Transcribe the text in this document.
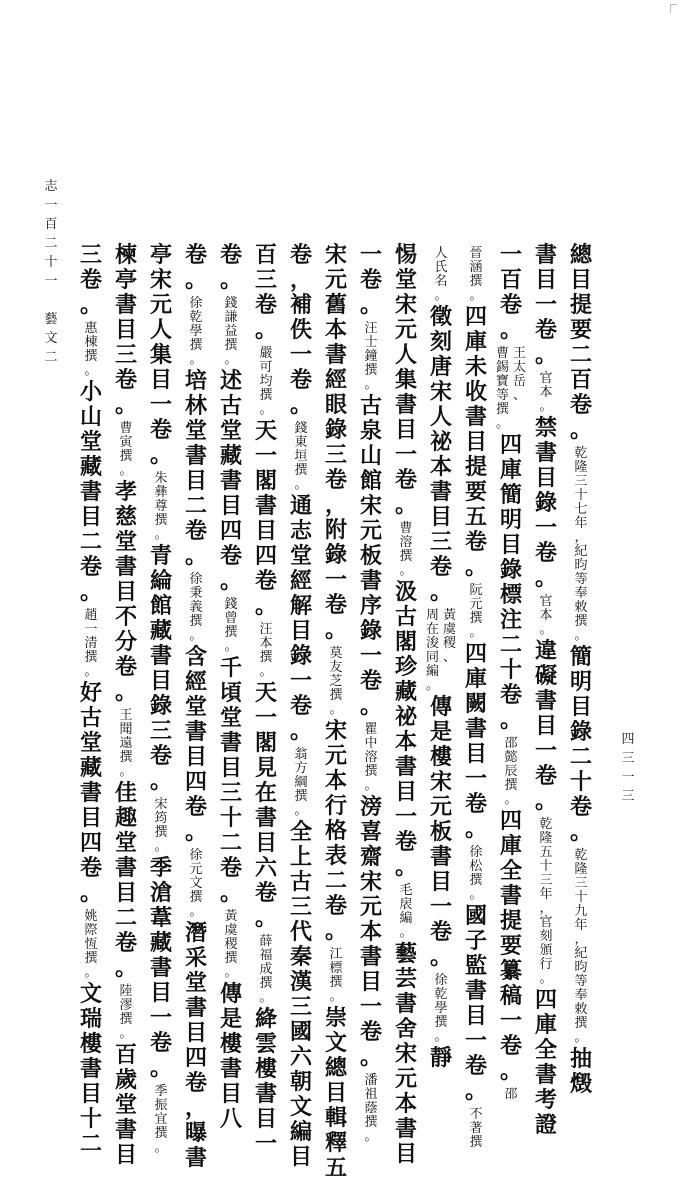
總
目
提
要
二
百
卷
。
乾
隆
三
十
七
年
，
紀
昀
等
奉
敕
撰
。
簡
明
目
錄
二
十
卷
。
乾
隆
三
十
九
年
，
紀
昀
等
奉
敕
撰
。
抽
燬
書
目
一
卷
。
官
本
。
禁
書
目
錄
一
卷
。
官
本
。
違
礙
書
目
一
卷
。
乾
隆
五
十
三
年
，
官
刻
頒
行
。
四
庫
全
書
考
證
一
百
卷
。
曹
錫
寶
等
撰
。
王
太
岳
、
四
庫
簡
明
目
錄
標
注
二
十
卷
。
邵
懿
辰
撰
。
四
庫
全
書
提
要
纂
稿
一
卷
。
邵
晉
涵
撰
。
四
庫
未
收
書
目
提
要
五
卷
。
阮
元
撰
。
四
庫
闕
書
目
一
卷
。
徐
松
撰
。
國
子
監
書
目
一
卷
。
不
著
撰
人
氏
名
。
徵
刻
唐
宋
人
祕
本
書
目
三
卷
。
周
在
浚
同
編
。
黃
虞
稷
、
傳
是
樓
宋
元
板
書
目
一
卷
。
徐
乾
學
撰
。
靜
惕
堂
宋
元
人
集
書
目
一
卷
。
曹
溶
撰
。
汲
古
閣
珍
藏
祕
本
書
目
一
卷
。
毛
扆
編
。
藝
芸
書
舍
宋
元
本
書
目
一
卷
。
汪
士
鐘
撰
。
古
泉
山
館
宋
元
板
書
序
錄
一
卷
。
瞿
中
溶
撰
。
滂
喜
齋
宋
元
本
書
目
一
卷
。
潘
祖
蔭
撰
。
宋
元
舊
本
書
經
眼
錄
三
卷
，
附
錄
一
卷
。
莫
友
芝
撰
。
宋
元
本
行
格
表
二
卷
。
江
標
撰
。
崇
文
總
目
輯
釋
五
卷
，
補
佚
一
卷
。
錢
東
垣
撰
。
通
志
堂
經
解
目
錄
一
卷
。
翁
方
綱
撰
。
全
上
古
三
代
秦
漢
三
國
六
朝
文
編
目
百
三
卷
。
嚴
可
均
撰
。
天
一
閣
書
目
四
卷
。
汪
本
撰
。
天
一
閣
見
在
書
目
六
卷
。
薛
福
成
撰
。
絳
雲
樓
書
目
一
卷
。
錢
謙
益
撰
。
述
古
堂
藏
書
目
四
卷
。
錢
曾
撰
。
千
頃
堂
書
目
三
十
二
卷
。
黃
虞
稷
撰
。
傳
是
樓
書
目
八
卷
。
徐
乾
學
撰
。
培
林
堂
書
目
二
卷
。
徐
秉
義
撰
。
含
經
堂
書
目
四
卷
。
徐
元
文
撰
。
潛
采
堂
書
目
四
卷
，
曝
書
亭
宋
元
人
集
目
一
卷
。
朱
彝
尊
撰
。
青
綸
館
藏
書
目
錄
三
卷
。
宋
筠
撰
。
季
滄
葦
藏
書
目
一
卷
。
季
振
宜
撰
。
楝
亭
書
目
三
卷
。
曹
寅
撰
。
孝
慈
堂
書
目
不
分
卷
。
王
聞
遠
撰
。
佳
趣
堂
書
目
二
卷
。
陸
漻
撰
。
百
歲
堂
書
目
三
卷
。
惠
棟
撰
。
小
山
堂
藏
書
目
二
卷
。
趙
一
清
撰
。
好
古
堂
藏
書
目
四
卷
。
姚
際
恆
撰
。
文
瑞
樓
書
目
十
二
四
三
一
三
志
一
百
二
十
一

藝
文
二
